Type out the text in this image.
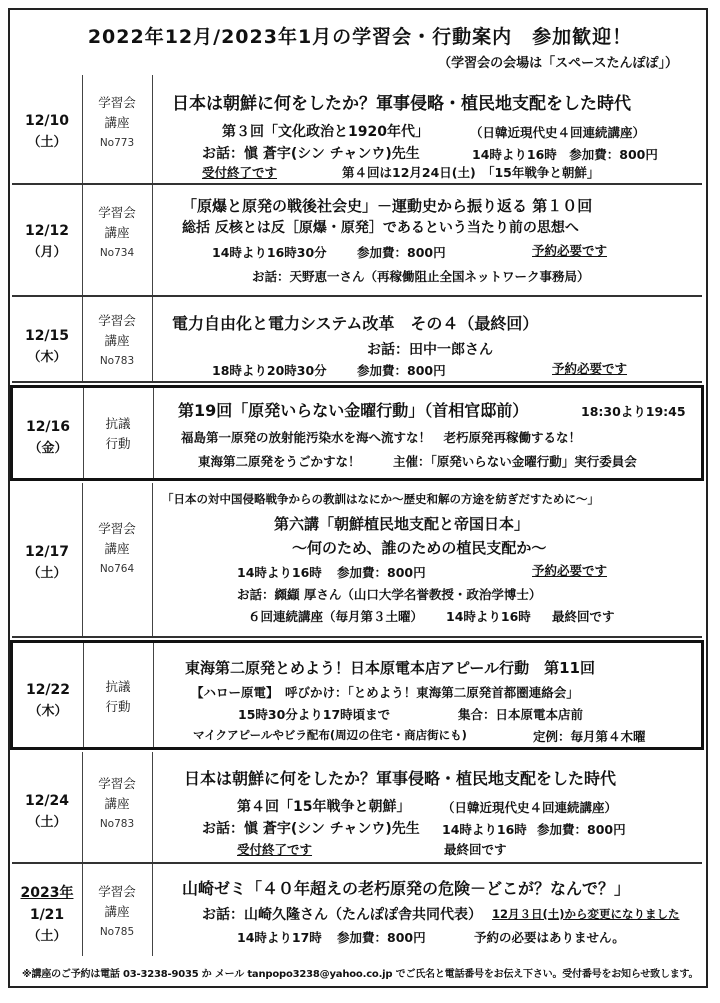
2022年12月/2023年1月の学習会・行動案内　参加歓迎！
（学習会の会場は「スペースたんぽぽ」）
12/10
（土）
学習会
講座
No773
日本は朝鮮に何をしたか？軍事侵略・植民地支配をした時代
第３回「文化政治と1920年代」	（日韓近現代史４回連続講座）
お話：愼 蒼宇(シン チャンウ)先生	14時より16時　参加費：800円
受付終了です	第４回は12月24日(土)　「15年戦争と朝鮮」
12/12
（月）
学習会
講座
No734
「原爆と原発の戦後社会史」－運動史から振り返る 第１０回
総括 反核とは反［原爆・原発］であるという当たり前の思想へ
14時より16時30分 参加費：800円	予約必要です
お話：天野恵一さん（再稼働阻止全国ネットワーク事務局）
12/15
（木）
学習会
講座
No783
電力自由化と電力システム改革　その４（最終回）
お話：田中一郎さん
18時より20時30分 参加費：800円	予約必要です
12/16
（金）
抗議
行動
第19回「原発いらない金曜行動」（首相官邸前）	18:30より19:45
福島第一原発の放射能汚染水を海へ流すな！　老朽原発再稼働するな！
東海第二原発をうごかすな！	主催：「原発いらない金曜行動」実行委員会
12/17
（土）
学習会
講座
No764
「日本の対中国侵略戦争からの教訓はなにか～歴史和解の方途を紡ぎだすために～」
第六講「朝鮮植民地支配と帝国日本」
～何のため、誰のための植民支配か～
14時より16時 参加費：800円	予約必要です
お話：纐纈 厚さん（山口大学名誉教授・政治学博士）
６回連続講座（毎月第３土曜） 14時より16時 最終回です
12/22
（木）
抗議
行動
東海第二原発とめよう！日本原電本店アピール行動　第11回
【ハロー原電】 呼びかけ：「とめよう！東海第二原発首都圏連絡会」
15時30分より17時頃まで	集合：日本原電本店前
マイクアピールやビラ配布(周辺の住宅・商店街にも)	定例：毎月第４木曜
12/24
（土）
学習会
講座
No783
日本は朝鮮に何をしたか？軍事侵略・植民地支配をした時代
第４回「15年戦争と朝鮮」	（日韓近現代史４回連続講座）
お話：愼 蒼宇(シン チャンウ)先生 14時より16時 参加費：800円
受付終了です	最終回です
2023年
1/21
（土）
学習会
講座
No785
山崎ゼミ「４０年超えの老朽原発の危険－どこが？なんで？」
お話：山崎久隆さん（たんぽぽ舎共同代表） 12月３日(土)から変更になりました
14時より17時 参加費：800円	予約の必要はありません。
※講座のご予約は電話 03-3238-9035 か メール tanpopo3238@yahoo.co.jp でご氏名と電話番号をお伝え下さい。受付番号をお知らせ致します。
